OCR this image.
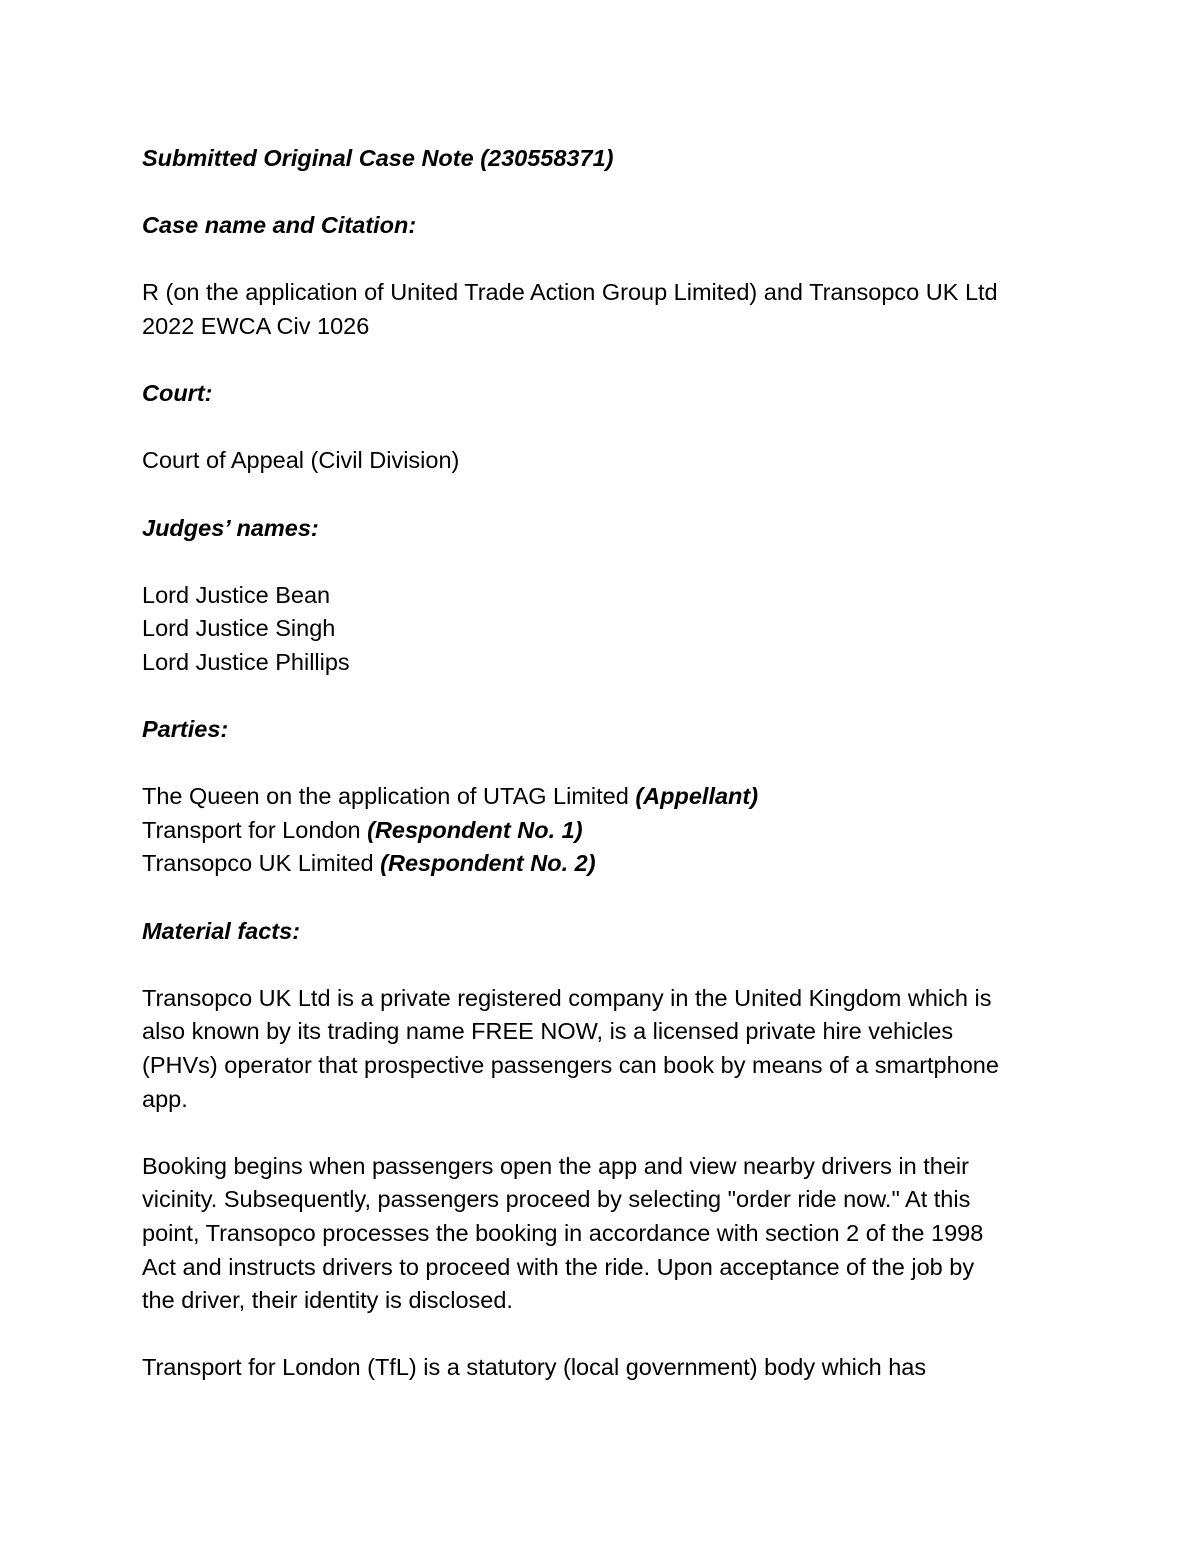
Submitted Original Case Note (230558371)

Case name and Citation:

R (on the application of United Trade Action Group Limited) and Transopco UK Ltd
2022 EWCA Civ 1026

Court:

Court of Appeal (Civil Division)

Judges’ names:

Lord Justice Bean
Lord Justice Singh
Lord Justice Phillips

Parties:

The Queen on the application of UTAG Limited (Appellant)
Transport for London (Respondent No. 1)
Transopco UK Limited (Respondent No. 2)

Material facts:

Transopco UK Ltd is a private registered company in the United Kingdom which is
also known by its trading name FREE NOW, is a licensed private hire vehicles
(PHVs) operator that prospective passengers can book by means of a smartphone
app.
Booking begins when passengers open the app and view nearby drivers in their
vicinity. Subsequently, passengers proceed by selecting "order ride now." At this
point, Transopco processes the booking in accordance with section 2 of the 1998
Act and instructs drivers to proceed with the ride. Upon acceptance of the job by
the driver, their identity is disclosed.
Transport for London (TfL) is a statutory (local government) body which has
